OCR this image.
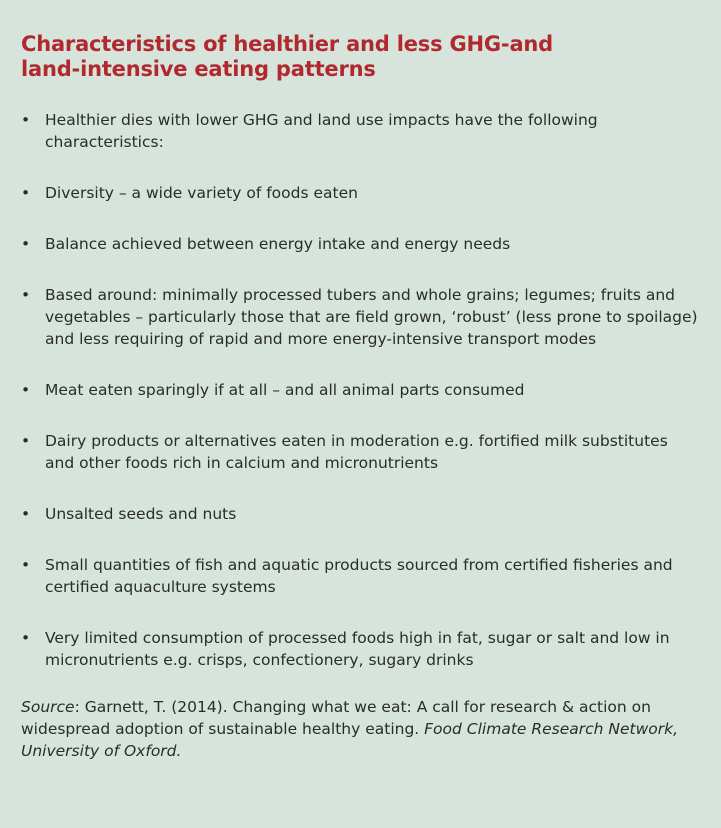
Characteristics of healthier and less GHG-and
land-intensive eating patterns
• Healthier dies with lower GHG and land use impacts have the following characteristics:
• Diversity – a wide variety of foods eaten
• Balance achieved between energy intake and energy needs
• Based around: minimally processed tubers and whole grains; legumes; fruits and vegetables – particularly those that are field grown, ‘robust’ (less prone to spoilage) and less requiring of rapid and more energy-intensive transport modes
• Meat eaten sparingly if at all – and all animal parts consumed
• Dairy products or alternatives eaten in moderation e.g. fortified milk substitutes and other foods rich in calcium and micronutrients
• Unsalted seeds and nuts
• Small quantities of fish and aquatic products sourced from certified fisheries and certified aquaculture systems
• Very limited consumption of processed foods high in fat, sugar or salt and low in micronutrients e.g. crisps, confectionery, sugary drinks

Source: Garnett, T. (2014). Changing what we eat: A call for research & action on widespread adoption of sustainable healthy eating. Food Climate Research Network, University of Oxford.
